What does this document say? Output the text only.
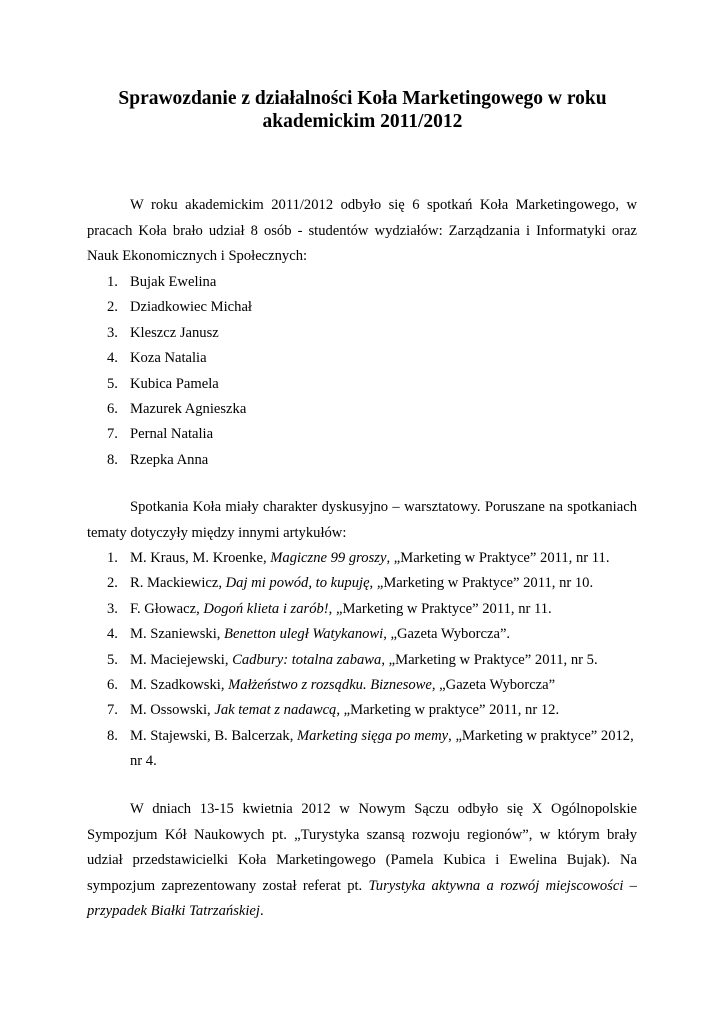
Sprawozdanie z działalności Koła Marketingowego w roku
akademickim 2011/2012
W roku akademickim 2011/2012 odbyło się 6 spotkań Koła Marketingowego, w pracach Koła brało udział 8 osób - studentów wydziałów: Zarządzania i Informatyki oraz Nauk Ekonomicznych i Społecznych:
1. Bujak Ewelina
2. Dziadkowiec Michał
3. Kleszcz Janusz
4. Koza Natalia
5. Kubica Pamela
6. Mazurek Agnieszka
7. Pernal Natalia
8. Rzepka Anna
Spotkania Koła miały charakter dyskusyjno – warsztatowy. Poruszane na spotkaniach tematy dotyczyły między innymi artykułów:
1. M. Kraus, M. Kroenke, Magiczne 99 groszy, „Marketing w Praktyce” 2011, nr 11.
2. R. Mackiewicz, Daj mi powód, to kupuję, „Marketing w Praktyce” 2011, nr 10.
3. F. Głowacz, Dogoń klieta i zarób!, „Marketing w Praktyce” 2011, nr 11.
4. M. Szaniewski, Benetton uległ Watykanowi, „Gazeta Wyborcza”.
5. M. Maciejewski, Cadbury: totalna zabawa, „Marketing w Praktyce” 2011, nr 5.
6. M. Szadkowski, Małżeństwo z rozsądku. Biznesowe, „Gazeta Wyborcza”
7. M. Ossowski, Jak temat z nadawcą, „Marketing w praktyce” 2011, nr 12.
8. M. Stajewski, B. Balcerzak, Marketing sięga po memy, „Marketing w praktyce” 2012, nr 4.
W dniach 13-15 kwietnia 2012 w Nowym Sączu odbyło się X Ogólnopolskie Sympozjum Kół Naukowych pt. „Turystyka szansą rozwoju regionów”, w którym brały udział przedstawicielki Koła Marketingowego (Pamela Kubica i Ewelina Bujak). Na sympozjum zaprezentowany został referat pt. Turystyka aktywna a rozwój miejscowości – przypadek Białki Tatrzańskiej.
